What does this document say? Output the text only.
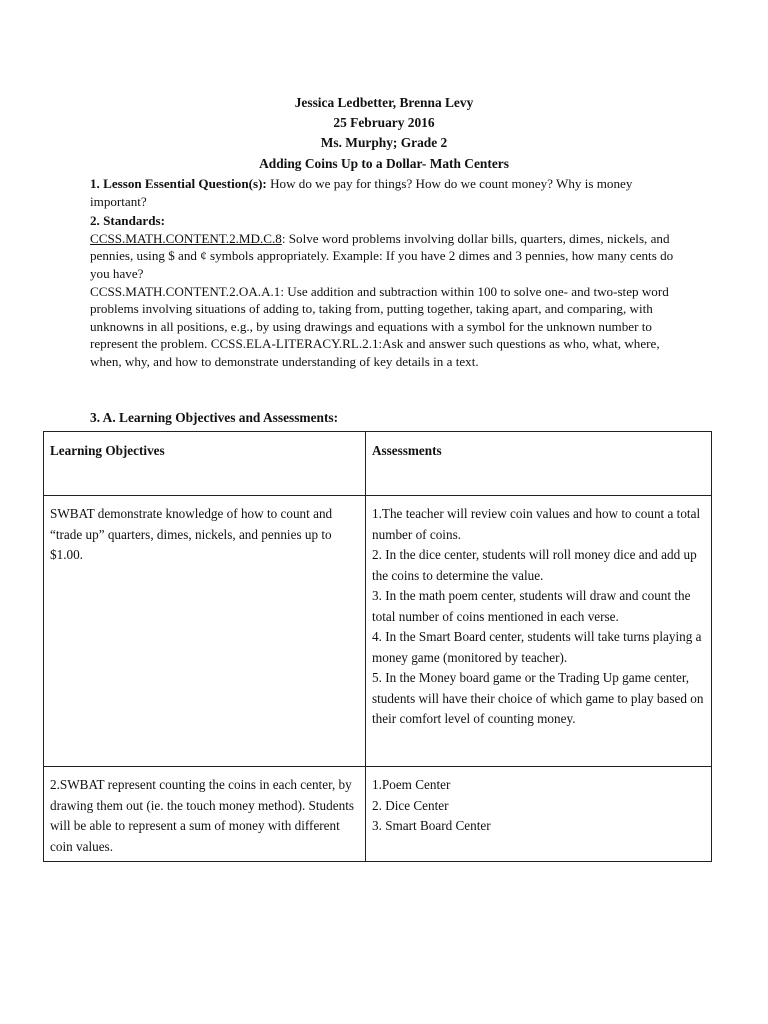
Jessica Ledbetter, Brenna Levy
25 February 2016
Ms. Murphy; Grade 2
Adding Coins Up to a Dollar- Math Centers

1. Lesson Essential Question(s): How do we pay for things? How do we count money? Why is money important?

2. Standards:

CCSS.MATH.CONTENT.2.MD.C.8: Solve word problems involving dollar bills, quarters, dimes, nickels, and pennies, using $ and ¢ symbols appropriately. Example: If you have 2 dimes and 3 pennies, how many cents do you have?

CCSS.MATH.CONTENT.2.OA.A.1: Use addition and subtraction within 100 to solve one- and two-step word problems involving situations of adding to, taking from, putting together, taking apart, and comparing, with unknowns in all positions, e.g., by using drawings and equations with a symbol for the unknown number to represent the problem. CCSS.ELA-LITERACY.RL.2.1:Ask and answer such questions as who, what, where, when, why, and how to demonstrate understanding of key details in a text.

3. A. Learning Objectives and Assessments:
Learning Objectives	Assessments
SWBAT demonstrate knowledge of how to count and “trade up” quarters, dimes, nickels, and pennies up to $1.00.	1.The teacher will review coin values and how to count a total number of coins.
2. In the dice center, students will roll money dice and add up the coins to determine the value.
3. In the math poem center, students will draw and count the total number of coins mentioned in each verse.
4. In the Smart Board center, students will take turns playing a money game (monitored by teacher).
5. In the Money board game or the Trading Up game center, students will have their choice of which game to play based on their comfort level of counting money.

2.SWBAT represent counting the coins in each center, by drawing them out (ie. the touch money method). Students will be able to represent a sum of money with different coin values.	1.Poem Center
2. Dice Center
3. Smart Board Center
